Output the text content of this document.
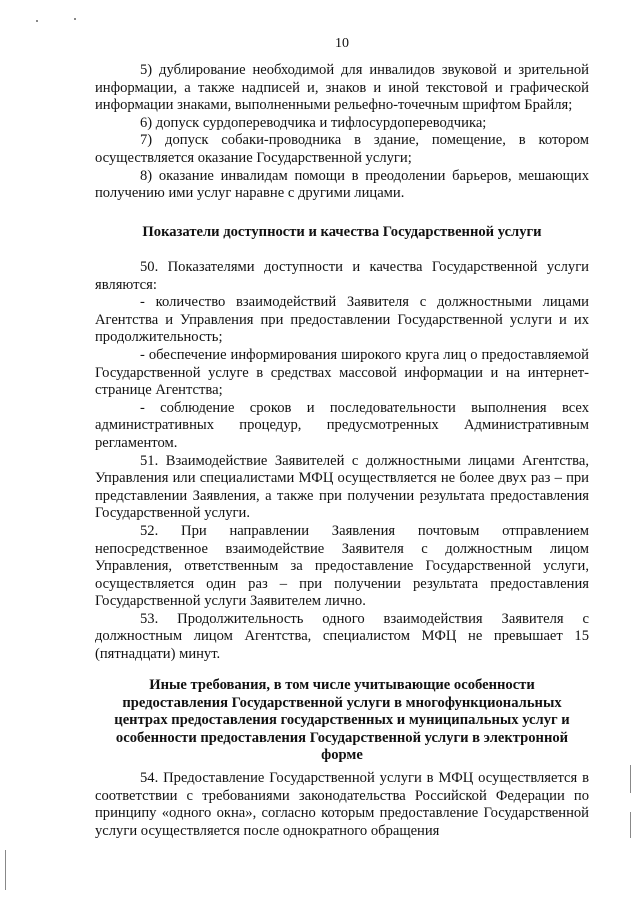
10

5) дублирование необходимой для инвалидов звуковой и зрительной информации, а также надписей и, знаков и иной текстовой и графической информации знаками, выполненными рельефно-точечным шрифтом Брайля;

6) допуск сурдопереводчика и тифлосурдопереводчика;

7) допуск собаки-проводника в здание, помещение, в котором осуществляется оказание Государственной услуги;

8) оказание инвалидам помощи в преодолении барьеров, мешающих получению ими услуг наравне с другими лицами.

Показатели доступности и качества Государственной услуги

50. Показателями доступности и качества Государственной услуги являются:

- количество взаимодействий Заявителя с должностными лицами Агентства и Управления при предоставлении Государственной услуги и их продолжительность;

- обеспечение информирования широкого круга лиц о предоставляемой Государственной услуге в средствах массовой информации и на интернет-странице Агентства;

- соблюдение сроков и последовательности выполнения всех административных процедур, предусмотренных Административным регламентом.

51. Взаимодействие Заявителей с должностными лицами Агентства, Управления или специалистами МФЦ осуществляется не более двух раз – при представлении Заявления, а также при получении результата предоставления Государственной услуги.

52. При направлении Заявления почтовым отправлением непосредственное взаимодействие Заявителя с должностным лицом Управления, ответственным за предоставление Государственной услуги, осуществляется один раз – при получении результата предоставления Государственной услуги Заявителем лично.

53. Продолжительность одного взаимодействия Заявителя с должностным лицом Агентства, специалистом МФЦ не превышает 15 (пятнадцати) минут.

Иные требования, в том числе учитывающие особенности предоставления Государственной услуги в многофункциональных центрах предоставления государственных и муниципальных услуг и особенности предоставления Государственной услуги в электронной форме

54. Предоставление Государственной услуги в МФЦ осуществляется в соответствии с требованиями законодательства Российской Федерации по принципу «одного окна», согласно которым предоставление Государственной услуги осуществляется после однократного обращения
